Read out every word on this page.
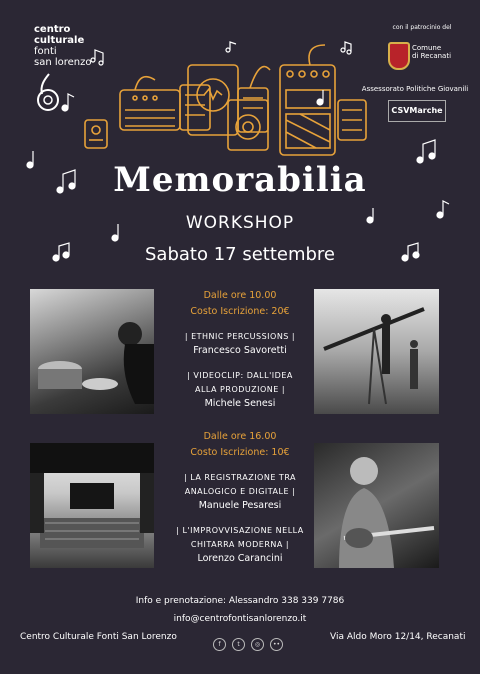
centro
culturale
fonti
san lorenzo
con il patrocinio del
Comune
di Recanati
Assessorato Politiche Giovanili
CSVMarche
Memorabilia
WORKSHOP
Sabato 17 settembre
Dalle ore 10.00
Costo Iscrizione: 20€
| ETHNIC PERCUSSIONS |
Francesco Savoretti
| VIDEOCLIP: DALL'IDEA
ALLA PRODUZIONE |
Michele Senesi
Dalle ore 16.00
Costo Iscrizione: 10€
| LA REGISTRAZIONE TRA
ANALOGICO E DIGITALE |
Manuele Pesaresi
| L'IMPROVVISAZIONE NELLA
CHITARRA MODERNA |
Lorenzo Carancini
Info e prenotazione: Alessandro 338 339 7786
info@centrofontisanlorenzo.it
Centro Culturale Fonti San Lorenzo
f	t	◎ ••
Via Aldo Moro 12/14, Recanati
